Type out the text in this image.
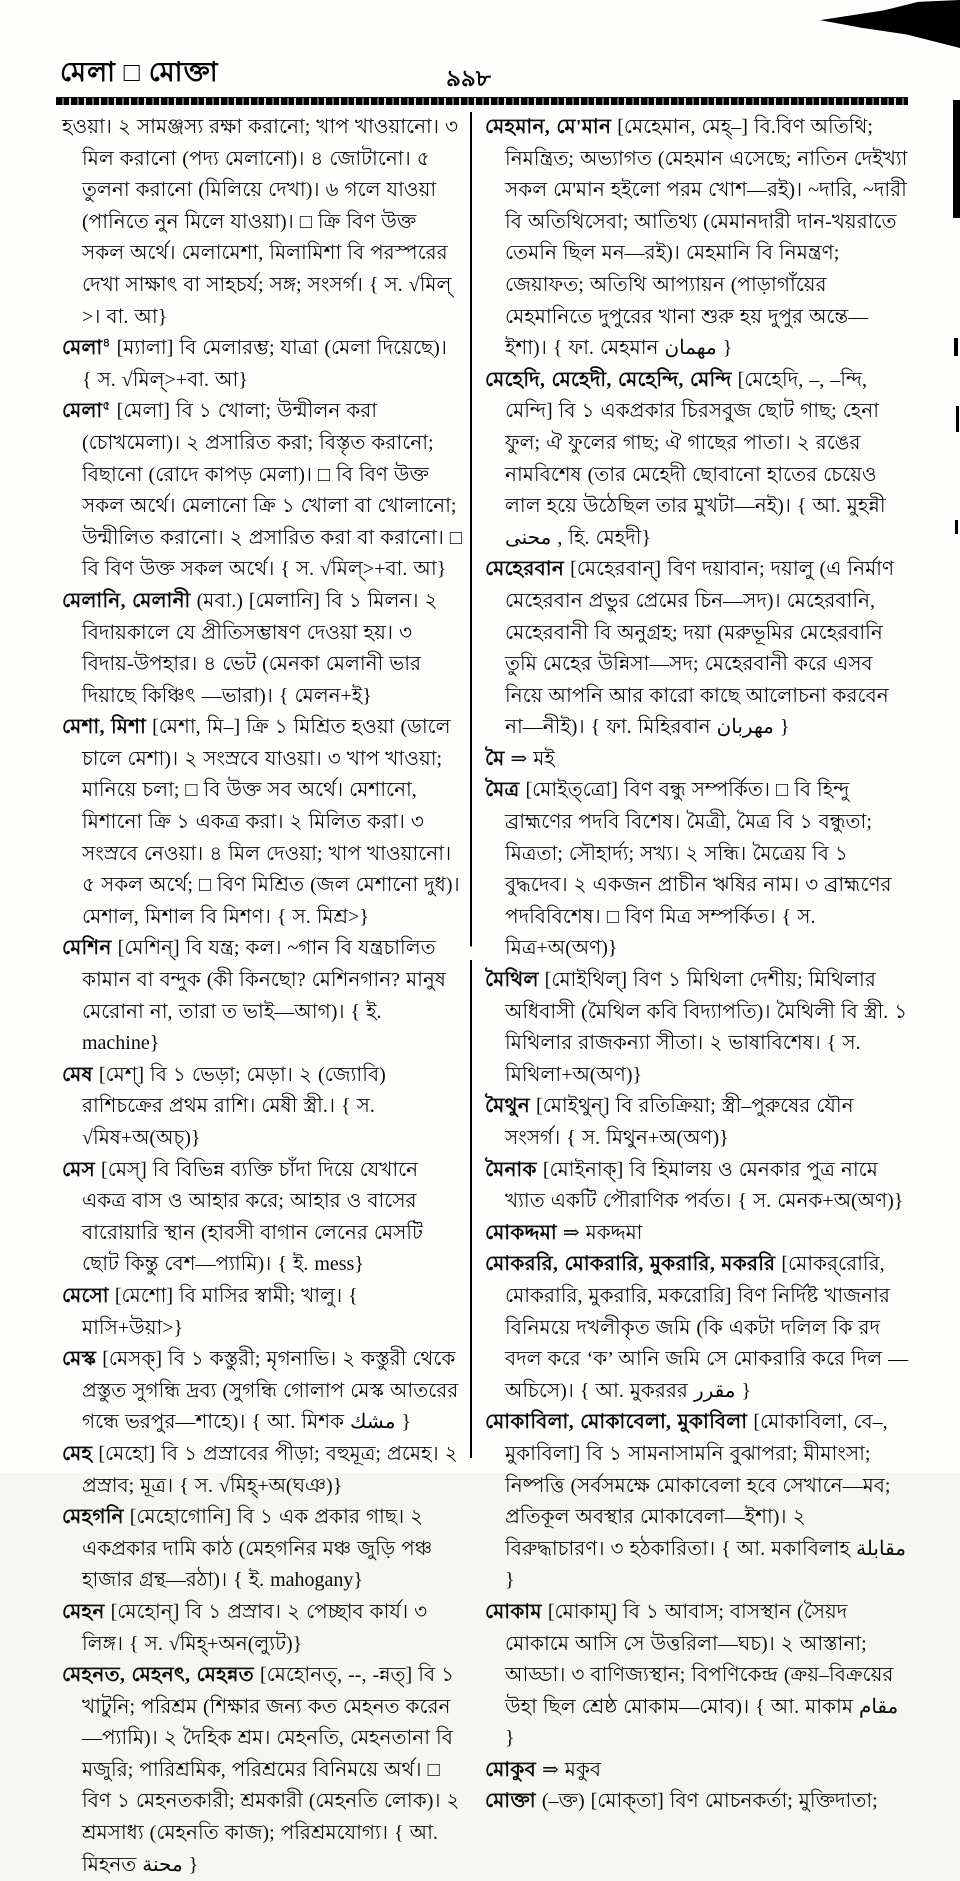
মেলা □ মোক্তা	৯৯৮

হওয়া। ২ সামঞ্জস্য রক্ষা করানো; খাপ খাওয়ানো। ৩ মিল করানো (পদ্য মেলানো)। ৪ জোটানো। ৫ তুলনা করানো (মিলিয়ে দেখা)। ৬ গলে যাওয়া (পানিতে নুন মিলে যাওয়া)। □ ক্রি বিণ উক্ত সকল অর্থে। মেলামেশা, মিলামিশা বি পরস্পরের দেখা সাক্ষাৎ বা সাহচর্য; সঙ্গ; সংসর্গ। { স. √মিল্ >। বা. আ}

মেলা$^৪$ [ম্যালা] বি মেলারম্ভ; যাত্রা (মেলা দিয়েছে)। { স. √মিল্>+বা. আ}

মেলা$^৫$ [মেলা] বি ১ খোলা; উন্মীলন করা (চোখমেলা)। ২ প্রসারিত করা; বিস্তৃত করানো; বিছানো (রোদে কাপড় মেলা)। □ বি বিণ উক্ত সকল অর্থে। মেলানো ক্রি ১ খোলা বা খোলানো; উন্মীলিত করানো। ২ প্রসারিত করা বা করানো। □ বি বিণ উক্ত সকল অর্থে। { স. √মিল্>+বা. আ}

মেলানি, মেলানী (মবা.) [মেলানি] বি ১ মিলন। ২ বিদায়কালে যে প্রীতিসম্ভাষণ দেওয়া হয়। ৩ বিদায়-উপহার। ৪ ভেট (মেনকা মেলানী ভার দিয়াছে কিঞ্চিৎ —ভারা)। { মেলন+ই}

মেশা, মিশা [মেশা, মি–] ক্রি ১ মিশ্রিত হওয়া (ডালে চালে মেশা)। ২ সংস্রবে যাওয়া। ৩ খাপ খাওয়া; মানিয়ে চলা; □ বি উক্ত সব অর্থে। মেশানো, মিশানো ক্রি ১ একত্র করা। ২ মিলিত করা। ৩ সংস্রবে নেওয়া। ৪ মিল দেওয়া; খাপ খাওয়ানো। ৫ সকল অর্থে; □ বিণ মিশ্রিত (জল মেশানো দুধ)। মেশাল, মিশাল বি মিশণ। { স. মিশ্র>}

মেশিন [মেশিন্] বি যন্ত্র; কল। ~গান বি যন্ত্রচালিত কামান বা বন্দুক (কী কিনছো? মেশিনগান? মানুষ মেরোনা না, তারা ত ভাই—আগ)। { ই. machine}

মেষ [মেশ্] বি ১ ভেড়া; মেড়া। ২ (জ্যোবি) রাশিচক্রের প্রথম রাশি। মেষী স্ত্রী.। { স. √মিষ+অ(অচ্)}

মেস [মেস্] বি বিভিন্ন ব্যক্তি চাঁদা দিয়ে যেখানে একত্র বাস ও আহার করে; আহার ও বাসের বারোয়ারি স্থান (হাবসী বাগান লেনের মেসটি ছোট কিন্তু বেশ—প্যামি)। { ই. mess}

মেসো [মেশো] বি মাসির স্বামী; খালু। { মাসি+উয়া>}

মেস্ক [মেসক্] বি ১ কস্তুরী; মৃগনাভি। ২ কস্তুরী থেকে প্রস্তুত সুগন্ধি দ্রব্য (সুগন্ধি গোলাপ মেস্ক আতরের গন্ধে ভরপুর—শাহে)। { আ. মিশক مشك }

মেহ [মেহো] বি ১ প্রস্রাবের পীড়া; বহুমূত্র; প্রমেহ। ২ প্রস্রাব; মূত্র। { স. √মিহ্+অ(ঘঞ)}

মেহগনি [মেহোগোনি] বি ১ এক প্রকার গাছ। ২ একপ্রকার দামি কাঠ (মেহগনির মঞ্চ জুড়ি পঞ্চ হাজার গ্রন্থ—রঠা)। { ই. mahogany}

মেহন [মেহোন্] বি ১ প্রস্রাব। ২ পেচ্ছাব কার্য। ৩ লিঙ্গ। { স. √মিহ্+অন(ল্যুট)}

মেহনত, মেহনৎ, মেহন্নত [মেহোনত্, --, -ন্নত্] বি ১ খাটুনি; পরিশ্রম (শিক্ষার জন্য কত মেহনত করেন—প্যামি)। ২ দৈহিক শ্রম। মেহনতি, মেহনতানা বি মজুরি; পারিশ্রমিক, পরিশ্রমের বিনিময়ে অর্থ। □ বিণ ১ মেহনতকারী; শ্রমকারী (মেহনতি লোক)। ২ শ্রমসাধ্য (মেহনতি কাজ); পরিশ্রমযোগ্য। { আ. মিহনত محنة }

মেহমান, মে'মান [মেহেমান, মেহ্–] বি.বিণ অতিথি; নিমন্ত্রিত; অভ্যাগত (মেহমান এসেছে; নাতিন দেইখ্যা সকল মে'মান হইলো পরম খোশ—রই)। ~দারি, ~দারী বি অতিথিসেবা; আতিথ্য (মেমানদারী দান-খয়রাতে তেমনি ছিল মন—রই)। মেহমানি বি নিমন্ত্রণ; জেয়াফত; অতিথি আপ্যায়ন (পাড়াগাঁয়ের মেহমানিতে দুপুরের খানা শুরু হয় দুপুর অন্তে—ইশা)। { ফা. মেহমান مهمان }

মেহেদি, মেহেদী, মেহেন্দি, মেন্দি [মেহেদি, –, –ন্দি, মেন্দি] বি ১ একপ্রকার চিরসবুজ ছোট গাছ; হেনা ফুল; ঐ ফুলের গাছ; ঐ গাছের পাতা। ২ রঙের নামবিশেষ (তার মেহেদী ছোবানো হাতের চেয়েও লাল হয়ে উঠেছিল তার মুখটা—নই)। { আ. মুহন্নী محنى , হি. মেহদী}

মেহেরবান [মেহেরবান্] বিণ দয়াবান; দয়ালু (এ নির্মাণ মেহেরবান প্রভুর প্রেমের চিন—সদ)। মেহেরবানি, মেহেরবানী বি অনুগ্রহ; দয়া (মরুভূমির মেহেরবানি তুমি মেহের উন্নিসা—সদ; মেহেরবানী করে এসব নিয়ে আপনি আর কারো কাছে আলোচনা করবেন না—নীই)। { ফা. মিহিরবান مهربان }

মৈ ⇒ মই

মৈত্র [মোইত্‌ত্রো] বিণ বন্ধু সম্পর্কিত। □ বি হিন্দু ব্রাহ্মণের পদবি বিশেষ। মৈত্রী, মৈত্র বি ১ বন্ধুতা; মিত্রতা; সৌহার্দ্য; সখ্য। ২ সন্ধি। মৈত্রেয় বি ১ বুদ্ধদেব। ২ একজন প্রাচীন ঋষির নাম। ৩ ব্রাহ্মণের পদবিবিশেষ। □ বিণ মিত্র সম্পর্কিত। { স. মিত্র+অ(অণ)}

মৈথিল [মোইথিল্] বিণ ১ মিথিলা দেশীয়; মিথিলার অধিবাসী (মৈথিল কবি বিদ্যাপতি)। মৈথিলী বি স্ত্রী. ১ মিথিলার রাজকন্যা সীতা। ২ ভাষাবিশেষ। { স. মিথিলা+অ(অণ)}

মৈথুন [মোইথুন্] বি রতিক্রিয়া; স্ত্রী–পুরুষের যৌন সংসর্গ। { স. মিথুন+অ(অণ)}

মৈনাক [মোইনাক্] বি হিমালয় ও মেনকার পুত্র নামে খ্যাত একটি পৌরাণিক পর্বত। { স. মেনক+অ(অণ)}

মোকদ্দমা ⇒ মকদ্দমা

মোকররি, মোকরারি, মুকরারি, মকররি [মোকর্‌রোরি, মোকরারি, মুকরারি, মকরোরি] বিণ নির্দিষ্ট খাজনার বিনিময়ে দখলীকৃত জমি (কি একটা দলিল কি রদ বদল করে ‘ক’ আনি জমি সে মোকরারি করে দিল —অচিসে)। { আ. মুকররর مقرر }

মোকাবিলা, মোকাবেলা, মুকাবিলা [মোকাবিলা, বে–, মুকাবিলা] বি ১ সামনাসামনি বুঝাপরা; মীমাংসা; নিষ্পত্তি (সর্বসমক্ষে মোকাবেলা হবে সেখানে—মব; প্রতিকূল অবস্থার মোকাবেলা—ইশা)। ২ বিরুদ্ধাচারণ। ৩ হঠকারিতা। { আ. মকাবিলাহ مقابلة }

মোকাম [মোকাম্] বি ১ আবাস; বাসস্থান (সৈয়দ মোকামে আসি সে উত্তরিলা—ঘচ)। ২ আস্তানা; আড্ডা। ৩ বাণিজ্যস্থান; বিপণিকেন্দ্র (ক্রয়–বিক্রয়ের উহা ছিল শ্রেষ্ঠ মোকাম—মোব)। { আ. মাকাম مقام }

মোকুব ⇒ মকুব

মোক্তা (–ক্ত) [মোক্‌তা] বিণ মোচনকর্তা; মুক্তিদাতা;
